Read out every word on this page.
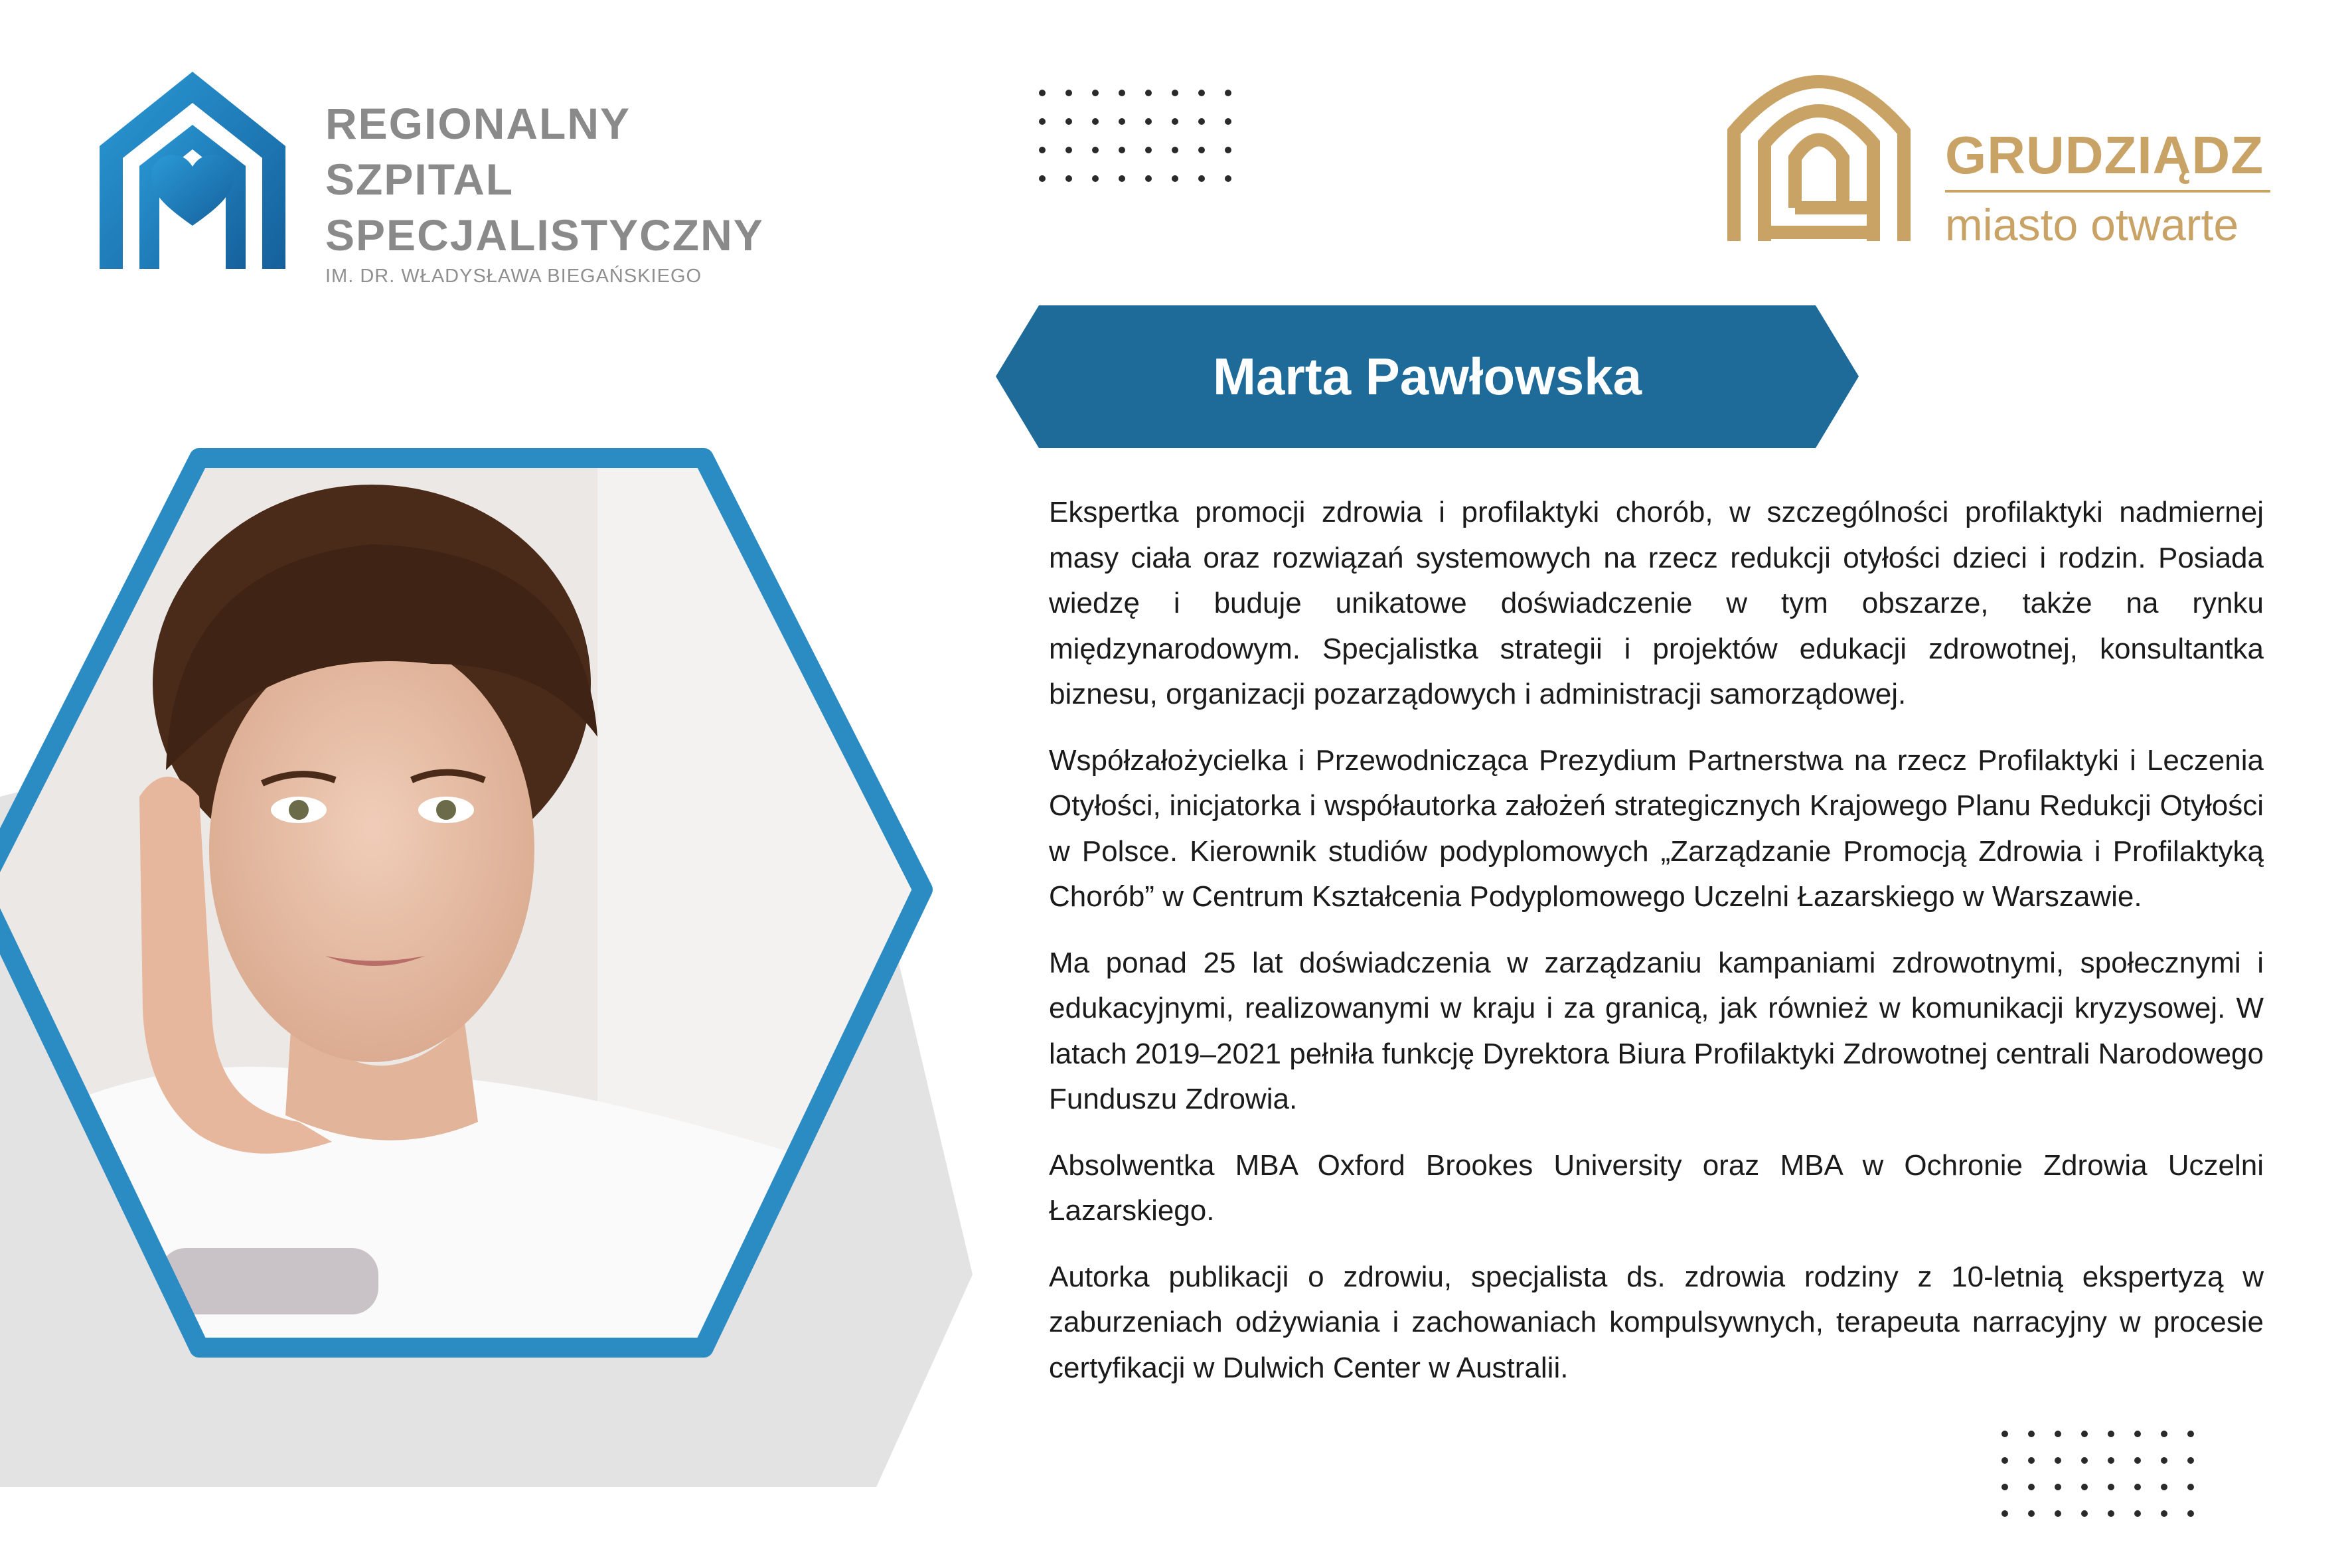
REGIONALNY
SZPITAL
SPECJALISTYCZNY
IM. DR. WŁADYSŁAWA BIEGAŃSKIEGO
GRUDZIĄDZ
miasto otwarte
Marta Pawłowska

Ekspertka promocji zdrowia i profilaktyki chorób, w szczególności profilaktyki nadmiernej masy ciała oraz rozwiązań systemowych na rzecz redukcji otyłości dzieci i rodzin. Posiada wiedzę i buduje unikatowe doświadczenie w tym obszarze, także na rynku międzynarodowym. Specjalistka strategii i projektów edukacji zdrowotnej, konsultantka biznesu, organizacji pozarządowych i administracji samorządowej.

Współzałożycielka i Przewodnicząca Prezydium Partnerstwa na rzecz Profilaktyki i Leczenia Otyłości, inicjatorka i współautorka założeń strategicznych Krajowego Planu Redukcji Otyłości w Polsce. Kierownik studiów podyplomowych „Zarządzanie Promocją Zdrowia i Profilaktyką Chorób” w Centrum Kształcenia Podyplomowego Uczelni Łazarskiego w Warszawie.

Ma ponad 25 lat doświadczenia w zarządzaniu kampaniami zdrowotnymi, społecznymi i edukacyjnymi, realizowanymi w kraju i za granicą, jak również w komunikacji kryzysowej. W latach 2019–2021 pełniła funkcję Dyrektora Biura Profilaktyki Zdrowotnej centrali Narodowego Funduszu Zdrowia.

Absolwentka MBA Oxford Brookes University oraz MBA w Ochronie Zdrowia Uczelni Łazarskiego.

Autorka publikacji o zdrowiu, specjalista ds. zdrowia rodziny z 10-letnią ekspertyzą w zaburzeniach odżywiania i zachowaniach kompulsywnych, terapeuta narracyjny w procesie certyfikacji w Dulwich Center w Australii.
